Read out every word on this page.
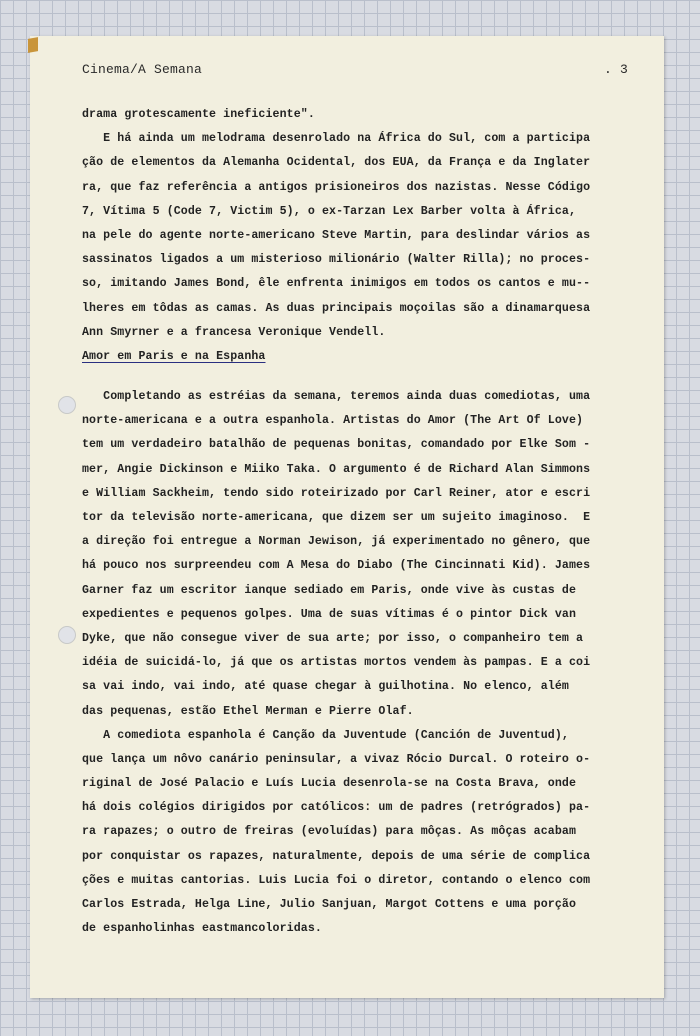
Cinema/A Semana	. 3
drama grotescamente ineficiente".
E há ainda um melodrama desenrolado na África do Sul, com a participa
ção de elementos da Alemanha Ocidental, dos EUA, da França e da Inglater
ra, que faz referência a antigos prisioneiros dos nazistas. Nesse Código
7, Vítima 5 (Code 7, Victim 5), o ex-Tarzan Lex Barber volta à África,
na pele do agente norte-americano Steve Martin, para deslindar vários as
sassinatos ligados a um misterioso milionário (Walter Rilla); no proces-
so, imitando James Bond, êle enfrenta inimigos em todos os cantos e mu--
lheres em tôdas as camas. As duas principais moçoilas são a dinamarquesa
Ann Smyrner e a francesa Veronique Vendell.
Amor em Paris e na Espanha
Completando as estréias da semana, teremos ainda duas comediotas, uma
norte-americana e a outra espanhola. Artistas do Amor (The Art Of Love)
tem um verdadeiro batalhão de pequenas bonitas, comandado por Elke Som -
mer, Angie Dickinson e Miiko Taka. O argumento é de Richard Alan Simmons
e William Sackheim, tendo sido roteirizado por Carl Reiner, ator e escri
tor da televisão norte-americana, que dizem ser um sujeito imaginoso.  E
a direção foi entregue a Norman Jewison, já experimentado no gênero, que
há pouco nos surpreendeu com A Mesa do Diabo (The Cincinnati Kid). James
Garner faz um escritor ianque sediado em Paris, onde vive às custas de
expedientes e pequenos golpes. Uma de suas vítimas é o pintor Dick van
Dyke, que não consegue viver de sua arte; por isso, o companheiro tem a
idéia de suicidá-lo, já que os artistas mortos vendem às pampas. E a coi
sa vai indo, vai indo, até quase chegar à guilhotina. No elenco, além
das pequenas, estão Ethel Merman e Pierre Olaf.
A comediota espanhola é Canção da Juventude (Canción de Juventud),
que lança um nôvo canário peninsular, a vivaz Rócio Durcal. O roteiro o-
riginal de José Palacio e Luís Lucia desenrola-se na Costa Brava, onde
há dois colégios dirigidos por católicos: um de padres (retrógrados) pa-
ra rapazes; o outro de freiras (evoluídas) para môças. As môças acabam
por conquistar os rapazes, naturalmente, depois de uma série de complica
ções e muitas cantorias. Luis Lucia foi o diretor, contando o elenco com
Carlos Estrada, Helga Line, Julio Sanjuan, Margot Cottens e uma porção
de espanholinhas eastmancoloridas.
